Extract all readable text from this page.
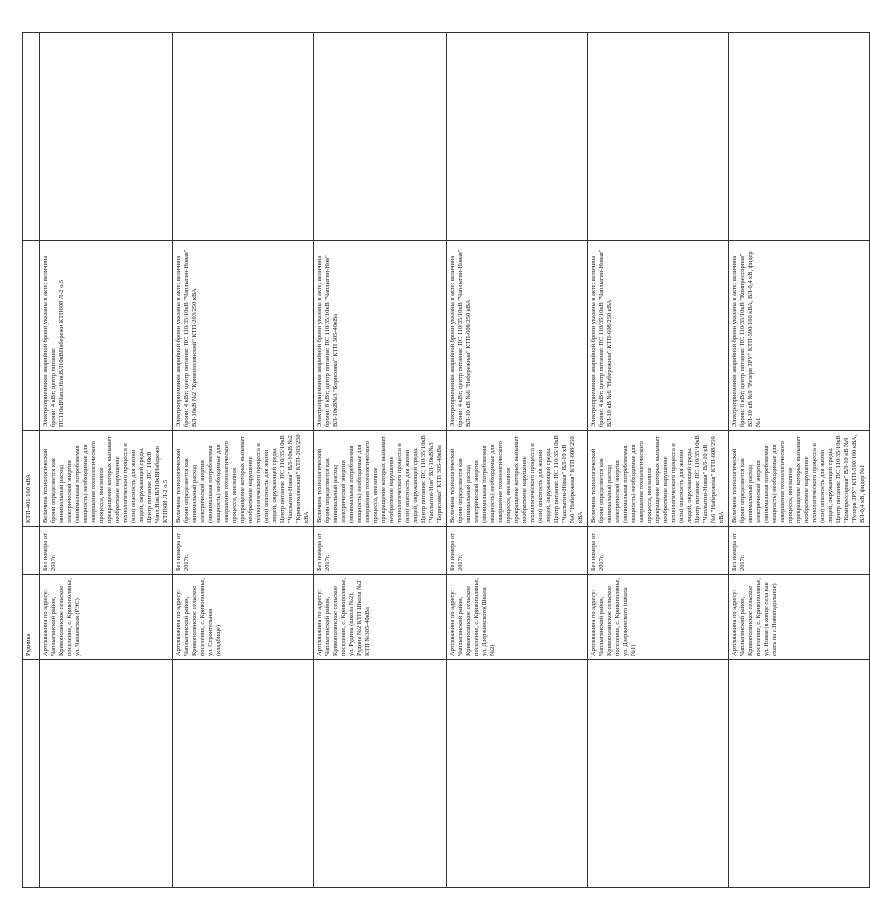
	Рудника		КТП-401/160 кВА		
	Артскважина по адресу: Чаплыгинский район, Кривополянское сельское поселение, с. Кривополянье, ул. Чапаевская (РЭС)	Без номера от 2017г.	Величина технологической брони определяется как минимальный расход электрической энергии (минимальная потребляемая мощность) необходимые для завершения технологического процесса, внезапное прекращение которых вызывает необратимое нарушение технологического процесса и (или) опасность для жизни людей, окружающей среды. Центр питания: ПС 110кВ Чапл.Нов.ВЛ10кВНабережн КТП608 Л-2 о.5	Электроприемники аварийной брони указаны в акте; величина брони: 4 кВт; центр питания: ПС110кВЧапл.Нов.ВЛ10кВНабережн КТП608 Л-2 о.5	
	Артскважина по адресу: Чаплыгинский район, Кривополянское сельское поселение, с. Кривополянье, ул. Строительная (кладбище)	Без номера от 2017г.	Величина технологической брони определяется как минимальный расход электрической энергии (минимальная потребляемая мощность) необходимые для завершения технологического процесса, внезапное прекращение которых вызывает необратимое нарушение технологического процесса и (или) опасность для жизни людей, окружающей среды. Центр питания: ПС 110/35/10кВ "Чаплыгин-Новая" ВЛ-10кВ №2 "Кривополянский" КТП-203/250 кВА	Электроприемники аварийной брони указаны в акте; величина брони: 4 кВт; центр питания: ПС 110/35/10кВ "Чаплыгин-Новая" ВЛ-10кВ №2 "Кривополянский" КТП-203/250 кВА	
	Артскважина по адресу: Чаплыгинский район, Кривополянское сельское поселение, с. Кривополянье, ул. Рудина (школа №2), Рудина №2 КТП Школа №2 КТП №305-40кВа	Без номера от 2017г.	Величина технологической брони определяется как минимальный расход электрической энергии (минимальная потребляемая мощность) необходимые для завершения технологического процесса, внезапное прекращение которых вызывает необратимое нарушение технологического процесса и (или) опасность для жизни людей, окружающей среды. Центр питания: ПС 110/35/10кВ "Чаплыгин-Нов" ВЛ-10кВ№3 "Борисовка" КТП 305-40кВа	Электроприемники аварийной брони указаны в акте; величина брони: 8 кВт; центр питания: ПС 110/35/10кВ "Чаплыгин-Нов" ВЛ-10кВ№3 "Борисовка" КТП 305-40кВа	
	Артскважина по адресу: Чаплыгинский район, Кривополянское сельское поселение, с. Кривополянье, ул. Дзержинского(Школа №2)	Без номера от 2017г.	Величина технологической брони определяется как минимальный расход электрической энергии (минимальная потребляемая мощность) необходимые для завершения технологического процесса, внезапное прекращение которых вызывает необратимое нарушение технологического процесса и (или) опасность для жизни людей, окружающей среды. Центр питания: ПС 110/35/10кВ "Чаплыгин-Новая" ВЛ-10 кВ №6 "Набережная" КТП-608/250 кВА	Электроприемники аварийной брони указаны в акте; величина брони: 4 кВт; центр питания: ПС 110/35/10кВ "Чаплыгин-Новая" ВЛ-10 кВ №6 "Набережная" КТП-608/250 кВА	
	Артскважина по адресу: Чаплыгинский район, Кривополянское сельское поселение, с. Кривополянье, ул. Дзержинского (школа №1)	Без номера от 2017г.	Величина технологической брони определяется как минимальный расход электрической энергии (минимальная потребляемая мощность) необходимые для завершения технологического процесса, внезапное прекращение которых вызывает необратимое нарушение технологического процесса и (или) опасность для жизни людей, окружающей среды. Центр питания: ПС 110/35/10кВ "Чаплыгин-Новая" ВЛ-10 кВ №6 "Набережная" КТП-608/250 кВА	Электроприемники аварийной брони указаны в акте; величина брони: 4 кВт; центр питания: ПС 110/35/10кВ "Чаплыгин-Новая" ВЛ-10 кВ №6 "Набережная" КТП-608/250 кВА	
	Артскважина по адресу: Чаплыгинский район, Кривополянское сельское поселение, с. Кривополянье, ул. Новая (в конце села как ехать на с.Новоподольное)	Без номера от 2017г.	Величина технологической брони определяется как минимальный расход электрической энергии (минимальная потребляемая мощность) необходимые для завершения технологического процесса, внезапное прекращение которых вызывает необратимое нарушение технологического процесса и (или) опасность для жизни людей, окружающей среды. Центр питания: ПС 110/35/10кВ "Компрессорная" ВЛ-10 кВ №9 "Резерв ЗРУ" КТП-590/160 кВА, ВЛ-0,4 кВ, фидер №1	Электроприемники аварийной брони указаны в акте; величина брони: 6 кВт; центр питания: ПС 110/35/10кВ "Компрессорная" ВЛ-10 кВ №9 "Резерв ЗРУ" КТП-590/160 кВА, ВЛ-0,4 кВ, фидер №1	
